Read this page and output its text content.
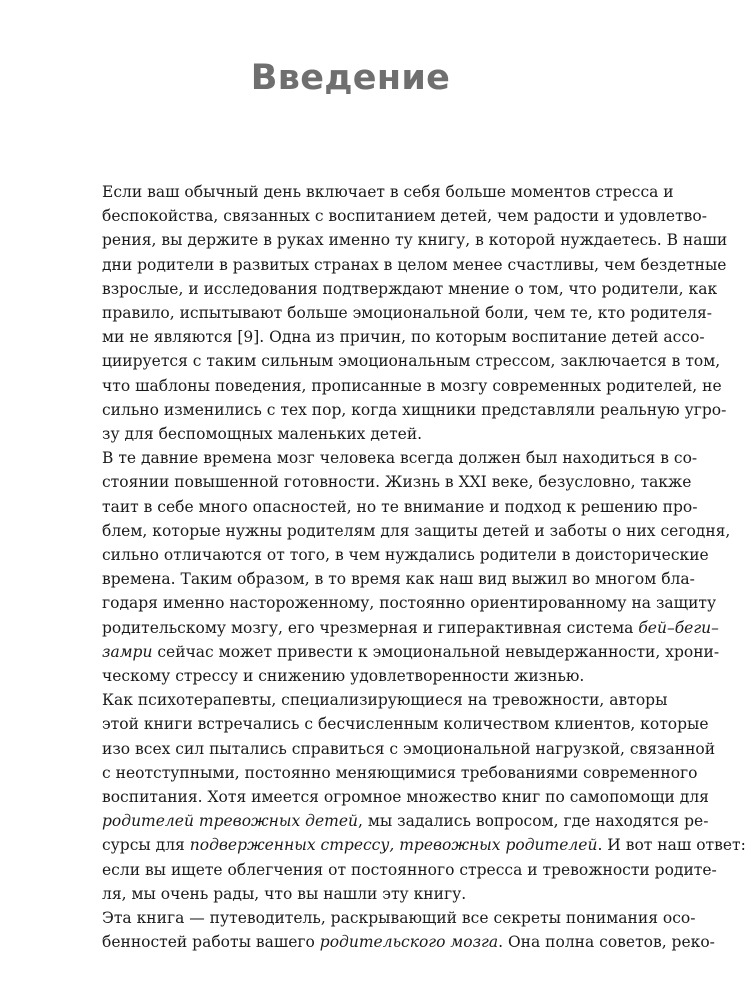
Введение

Если ваш обычный день включает в себя больше моментов стресса и
беспокойства, связанных с воспитанием детей, чем радости и удовлетво-
рения, вы держите в руках именно ту книгу, в которой нуждаетесь. В наши
дни родители в развитых странах в целом менее счастливы, чем бездетные
взрослые, и исследования подтверждают мнение о том, что родители, как
правило, испытывают больше эмоциональной боли, чем те, кто родителя-
ми не являются [9]. Одна из причин, по которым воспитание детей ассо-
циируется с таким сильным эмоциональным стрессом, заключается в том,
что шаблоны поведения, прописанные в мозгу современных родителей, не
сильно изменились с тех пор, когда хищники представляли реальную угро-
зу для беспомощных маленьких детей.

В те давние времена мозг человека всегда должен был находиться в со-
стоянии повышенной готовности. Жизнь в XXI веке, безусловно, также
таит в себе много опасностей, но те внимание и подход к решению про-
блем, которые нужны родителям для защиты детей и заботы о них сегодня,
сильно отличаются от того, в чем нуждались родители в доисторические
времена. Таким образом, в то время как наш вид выжил во многом бла-
годаря именно настороженному, постоянно ориентированному на защиту
родительскому мозгу, его чрезмерная и гиперактивная система бей–беги–
замри сейчас может привести к эмоциональной невыдержанности, хрони-
ческому стрессу и снижению удовлетворенности жизнью.

Как психотерапевты, специализирующиеся на тревожности, авторы
этой книги встречались с бесчисленным количеством клиентов, которые
изо всех сил пытались справиться с эмоциональной нагрузкой, связанной
с неотступными, постоянно меняющимися требованиями современного
воспитания. Хотя имеется огромное множество книг по самопомощи для
родителей тревожных детей, мы задались вопросом, где находятся ре-
сурсы для подверженных стрессу, тревожных родителей. И вот наш ответ:
если вы ищете облегчения от постоянного стресса и тревожности родите-
ля, мы очень рады, что вы нашли эту книгу.

Эта книга — путеводитель, раскрывающий все секреты понимания осо-
бенностей работы вашего родительского мозга. Она полна советов, реко-
